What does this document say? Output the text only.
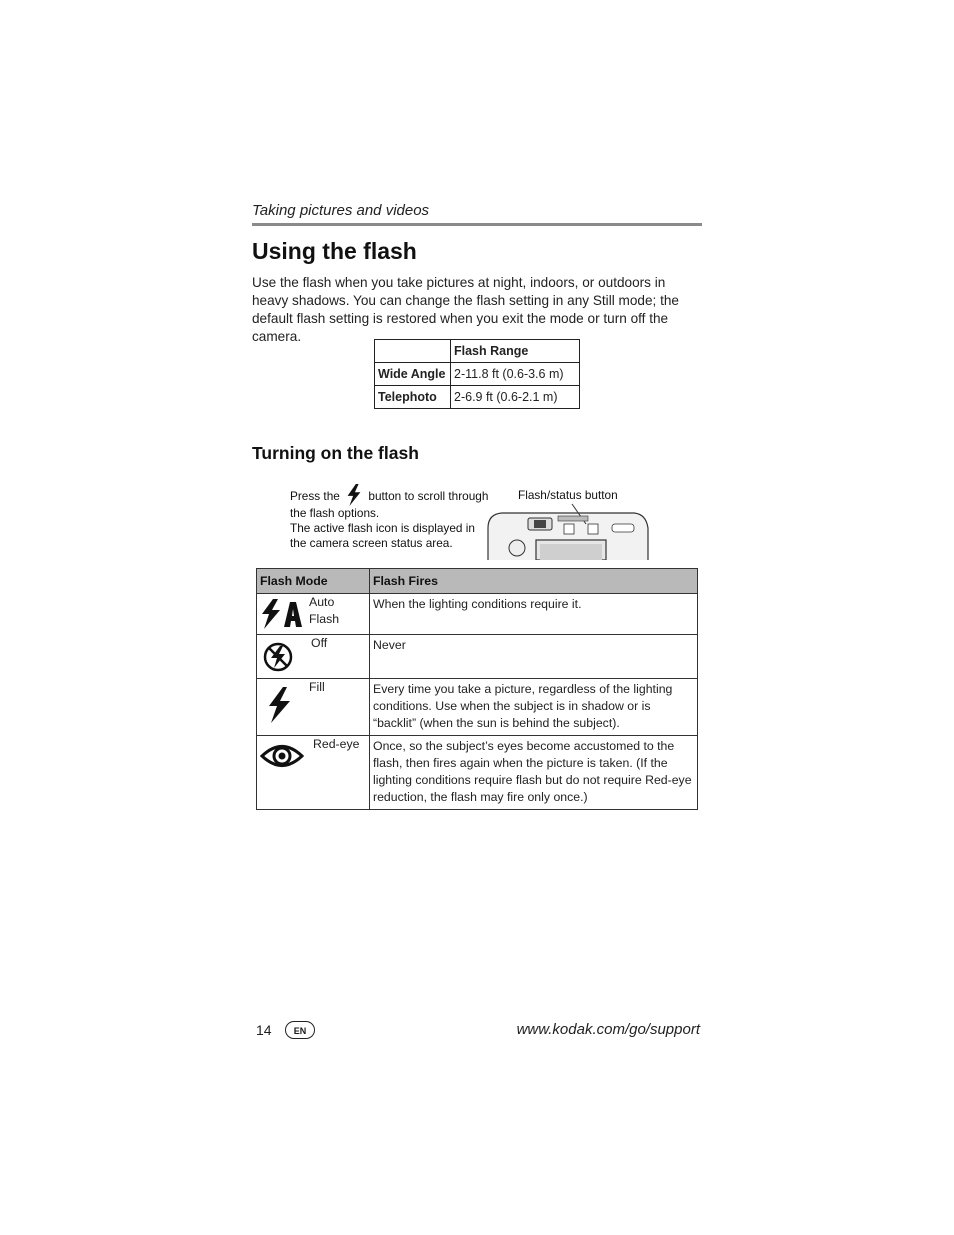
Taking pictures and videos
Using the flash

Use the flash when you take pictures at night, indoors, or outdoors in heavy shadows. You can change the flash setting in any Still mode; the default flash setting is restored when you exit the mode or turn off the camera.

	Flash Range
Wide Angle	2-11.8 ft (0.6-3.6 m)
Telephoto	2-6.9 ft (0.6-2.1 m)
Turning on the flash
Press the button to scroll through the flash options.
The active flash icon is displayed in the camera screen status area.
Flash/status button
Flash Mode	Flash Fires

Auto Flash	When the lighting conditions require it.

Off	Never

Fill	Every time you take a picture, regardless of the lighting conditions. Use when the subject is in shadow or is “backlit” (when the sun is behind the subject).

Red-eye	Once, so the subject’s eyes become accustomed to the flash, then fires again when the picture is taken. (If the lighting conditions require flash but do not require Red-eye reduction, the flash may fire only once.)
14	EN	www.kodak.com/go/support
